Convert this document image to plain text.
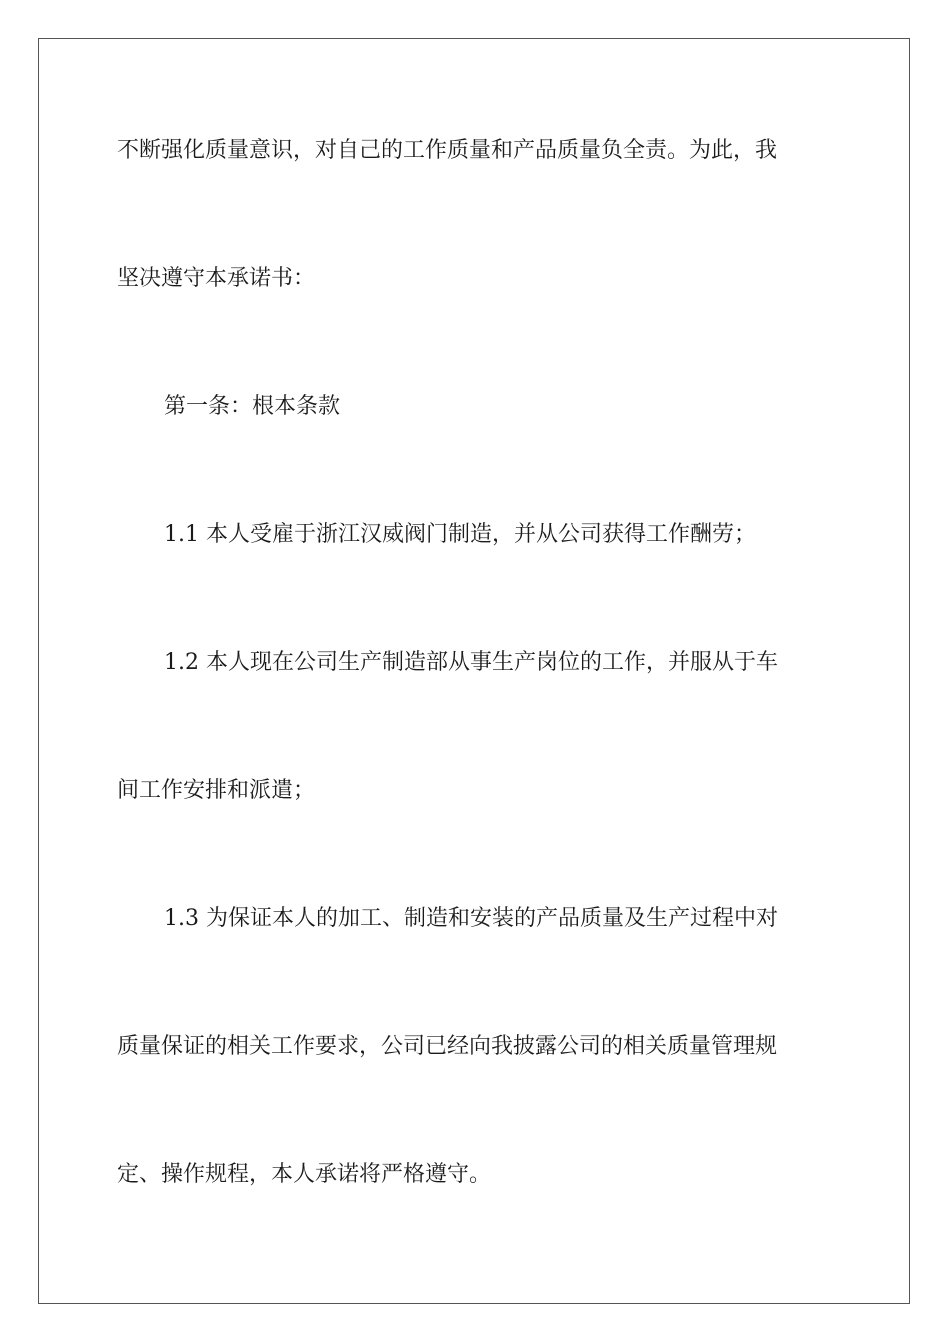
不断强化质量意识，对自己的工作质量和产品质量负全责。为此，我
坚决遵守本承诺书：
第一条：根本条款
1.1 本人受雇于浙江汉威阀门制造，并从公司获得工作酬劳；
1.2 本人现在公司生产制造部从事生产岗位的工作，并服从于车
间工作安排和派遣；
1.3 为保证本人的加工、制造和安装的产品质量及生产过程中对
质量保证的相关工作要求，公司已经向我披露公司的相关质量管理规
定、操作规程，本人承诺将严格遵守。
